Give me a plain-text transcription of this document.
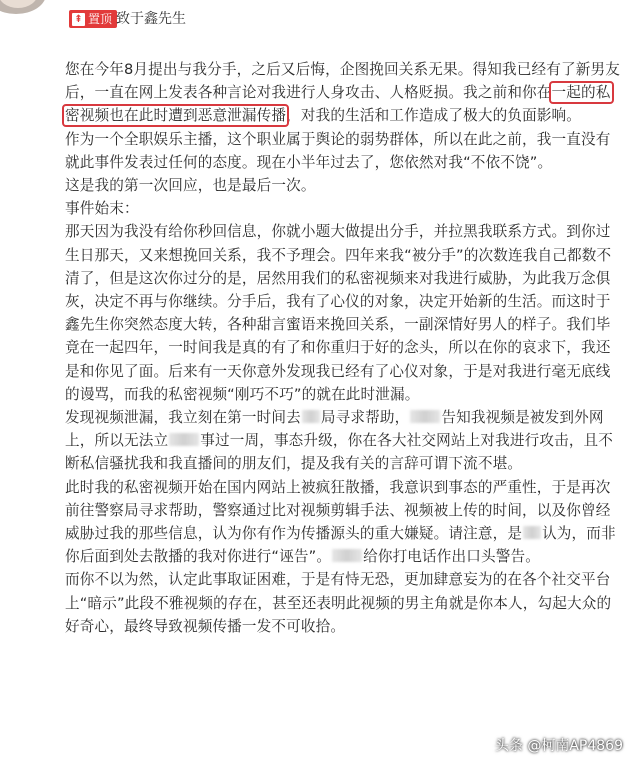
⇞ 置顶 致于鑫先生

您在今年8月提出与我分手，之后又后悔，企图挽回关系无果。得知我已经有了新男友后，一直在网上发表各种言论对我进行人身攻击、人格贬损。我之前和你在一起的私密视频也在此时遭到恶意泄漏传播，对我的生活和工作造成了极大的负面影响。

作为一个全职娱乐主播，这个职业属于舆论的弱势群体，所以在此之前，我一直没有就此事件发表过任何的态度。现在小半年过去了，您依然对我“不依不饶”。

这是我的第一次回应，也是最后一次。

事件始末：

那天因为我没有给你秒回信息，你就小题大做提出分手，并拉黑我联系方式。到你过生日那天，又来想挽回关系，我不予理会。四年来我“被分手”的次数连我自己都数不清了，但是这次你过分的是，居然用我们的私密视频来对我进行威胁，为此我万念俱灰，决定不再与你继续。分手后，我有了心仪的对象，决定开始新的生活。而这时于鑫先生你突然态度大转，各种甜言蜜语来挽回关系，一副深情好男人的样子。我们毕竟在一起四年，一时间我是真的有了和你重归于好的念头，所以在你的哀求下，我还是和你见了面。后来有一天你意外发现我已经有了心仪对象，于是对我进行毫无底线的谩骂，而我的私密视频“刚巧不巧”的就在此时泄漏。

发现视频泄漏，我立刻在第一时间去 局寻求帮助， 告知我视频是被发到外网上，所以无法立 事过一周，事态升级，你在各大社交网站上对我进行攻击，且不断私信骚扰我和我直播间的朋友们，提及我有关的言辞可谓下流不堪。

此时我的私密视频开始在国内网站上被疯狂散播，我意识到事态的严重性，于是再次前往警察局寻求帮助，警察通过比对视频剪辑手法、视频被上传的时间，以及你曾经威胁过我的那些信息，认为你有作为传播源头的重大嫌疑。请注意，是 认为，而非你后面到处去散播的我对你进行“诬告”。 给你打电话作出口头警告。

而你不以为然，认定此事取证困难，于是有恃无恐，更加肆意妄为的在各个社交平台上“暗示”此段不雅视频的存在，甚至还表明此视频的男主角就是你本人，勾起大众的好奇心，最终导致视频传播一发不可收拾。

头条 @柯南AP4869
